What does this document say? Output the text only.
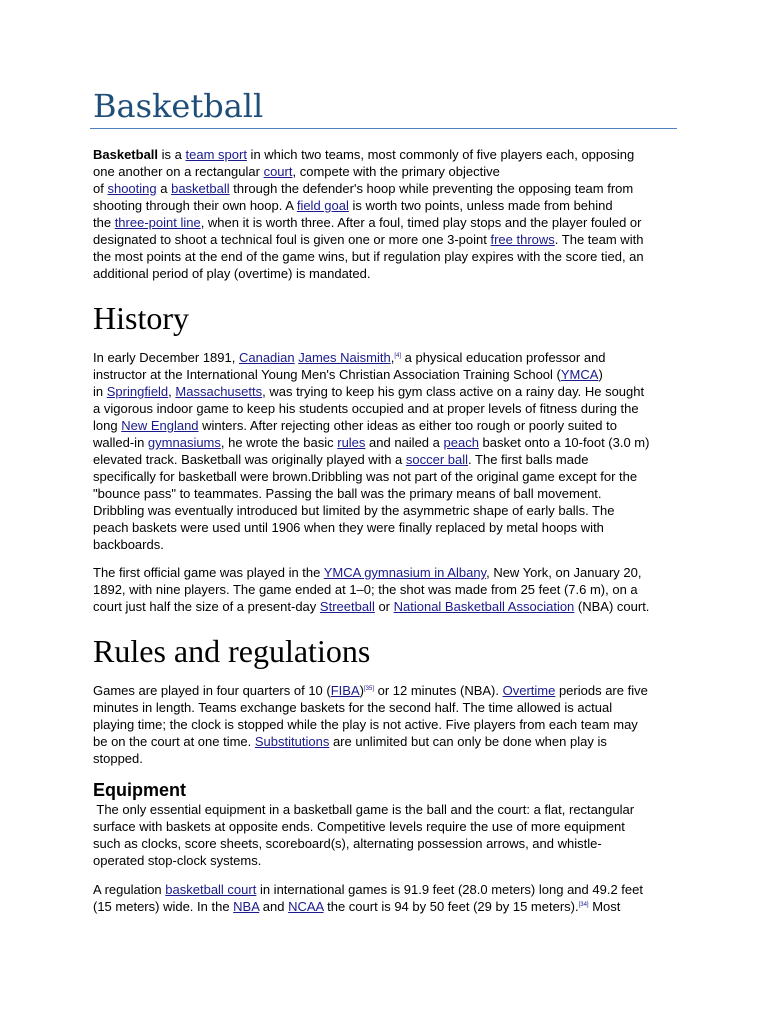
Basketball

Basketball is a team sport in which two teams, most commonly of five players each, opposing
one another on a rectangular court, compete with the primary objective
of shooting a basketball through the defender's hoop while preventing the opposing team from
shooting through their own hoop. A field goal is worth two points, unless made from behind
the three-point line, when it is worth three. After a foul, timed play stops and the player fouled or
designated to shoot a technical foul is given one or more one 3-point free throws. The team with
the most points at the end of the game wins, but if regulation play expires with the score tied, an
additional period of play (overtime) is mandated.

History

In early December 1891, Canadian James Naismith,[4] a physical education professor and
instructor at the International Young Men's Christian Association Training School (YMCA)
in Springfield, Massachusetts, was trying to keep his gym class active on a rainy day. He sought
a vigorous indoor game to keep his students occupied and at proper levels of fitness during the
long New England winters. After rejecting other ideas as either too rough or poorly suited to
walled-in gymnasiums, he wrote the basic rules and nailed a peach basket onto a 10-foot (3.0 m)
elevated track. Basketball was originally played with a soccer ball. The first balls made
specifically for basketball were brown.Dribbling was not part of the original game except for the
"bounce pass" to teammates. Passing the ball was the primary means of ball movement.
Dribbling was eventually introduced but limited by the asymmetric shape of early balls. The
peach baskets were used until 1906 when they were finally replaced by metal hoops with
backboards.

The first official game was played in the YMCA gymnasium in Albany, New York, on January 20,
1892, with nine players. The game ended at 1–0; the shot was made from 25 feet (7.6 m), on a
court just half the size of a present-day Streetball or National Basketball Association (NBA) court.

Rules and regulations

Games are played in four quarters of 10 (FIBA)[35] or 12 minutes (NBA). Overtime periods are five
minutes in length. Teams exchange baskets for the second half. The time allowed is actual
playing time; the clock is stopped while the play is not active. Five players from each team may
be on the court at one time. Substitutions are unlimited but can only be done when play is
stopped.

Equipment

The only essential equipment in a basketball game is the ball and the court: a flat, rectangular
surface with baskets at opposite ends. Competitive levels require the use of more equipment
such as clocks, score sheets, scoreboard(s), alternating possession arrows, and whistle-
operated stop-clock systems.

A regulation basketball court in international games is 91.9 feet (28.0 meters) long and 49.2 feet
(15 meters) wide. In the NBA and NCAA the court is 94 by 50 feet (29 by 15 meters).[34] Most
